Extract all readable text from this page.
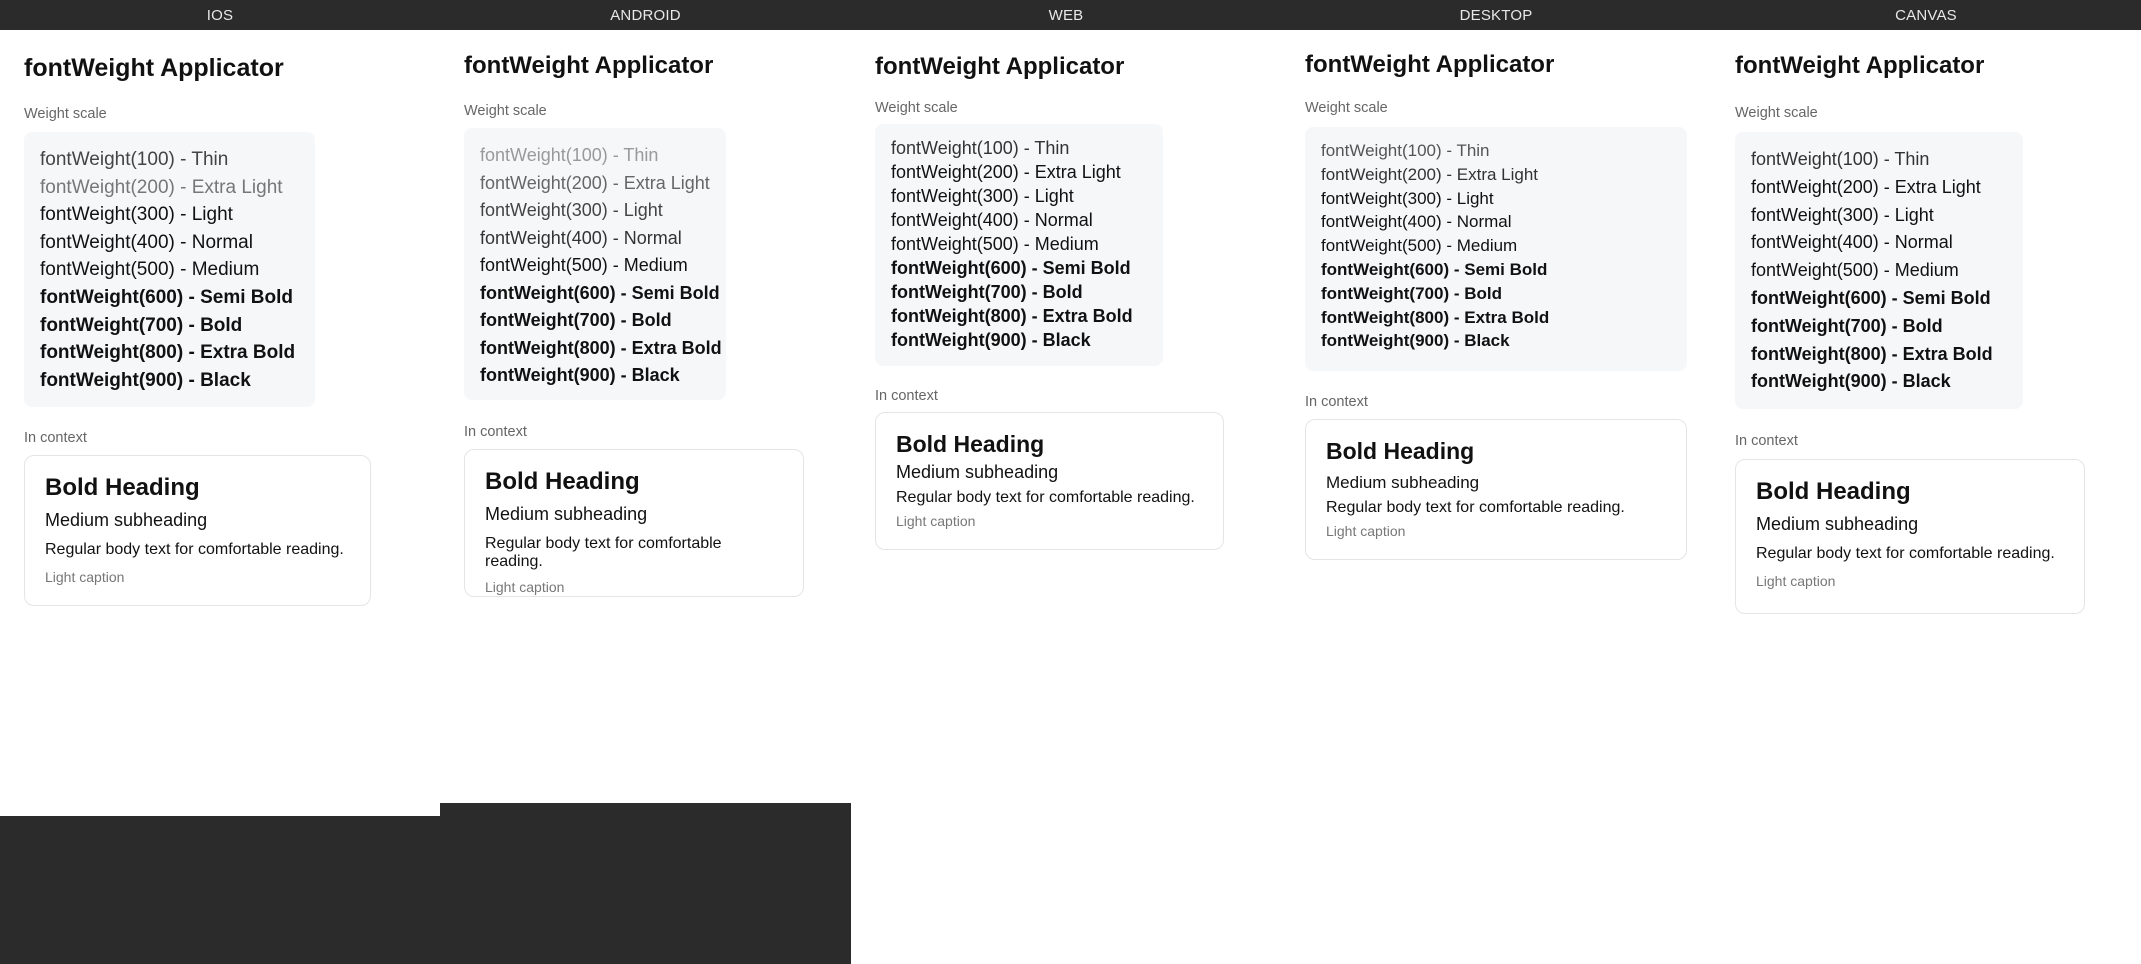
IOS
fontWeight Applicator
Weight scale
fontWeight(100) - Thin
fontWeight(200) - Extra Light
fontWeight(300) - Light
fontWeight(400) - Normal
fontWeight(500) - Medium
fontWeight(600) - Semi Bold
fontWeight(700) - Bold
fontWeight(800) - Extra Bold
fontWeight(900) - Black
In context
Bold Heading
Medium subheading
Regular body text for comfortable reading.
Light caption
ANDROID
fontWeight Applicator
Weight scale
fontWeight(100) - Thin
fontWeight(200) - Extra Light
fontWeight(300) - Light
fontWeight(400) - Normal
fontWeight(500) - Medium
fontWeight(600) - Semi Bold
fontWeight(700) - Bold
fontWeight(800) - Extra Bold
fontWeight(900) - Black
In context
Bold Heading
Medium subheading
Regular body text for comfortable reading.
Light caption
WEB
fontWeight Applicator
Weight scale
fontWeight(100) - Thin
fontWeight(200) - Extra Light
fontWeight(300) - Light
fontWeight(400) - Normal
fontWeight(500) - Medium
fontWeight(600) - Semi Bold
fontWeight(700) - Bold
fontWeight(800) - Extra Bold
fontWeight(900) - Black
In context
Bold Heading
Medium subheading
Regular body text for comfortable reading.
Light caption
DESKTOP
fontWeight Applicator
Weight scale
fontWeight(100) - Thin
fontWeight(200) - Extra Light
fontWeight(300) - Light
fontWeight(400) - Normal
fontWeight(500) - Medium
fontWeight(600) - Semi Bold
fontWeight(700) - Bold
fontWeight(800) - Extra Bold
fontWeight(900) - Black
In context
Bold Heading
Medium subheading
Regular body text for comfortable reading.
Light caption
CANVAS
fontWeight Applicator
Weight scale
fontWeight(100) - Thin
fontWeight(200) - Extra Light
fontWeight(300) - Light
fontWeight(400) - Normal
fontWeight(500) - Medium
fontWeight(600) - Semi Bold
fontWeight(700) - Bold
fontWeight(800) - Extra Bold
fontWeight(900) - Black
In context
Bold Heading
Medium subheading
Regular body text for comfortable reading.
Light caption
